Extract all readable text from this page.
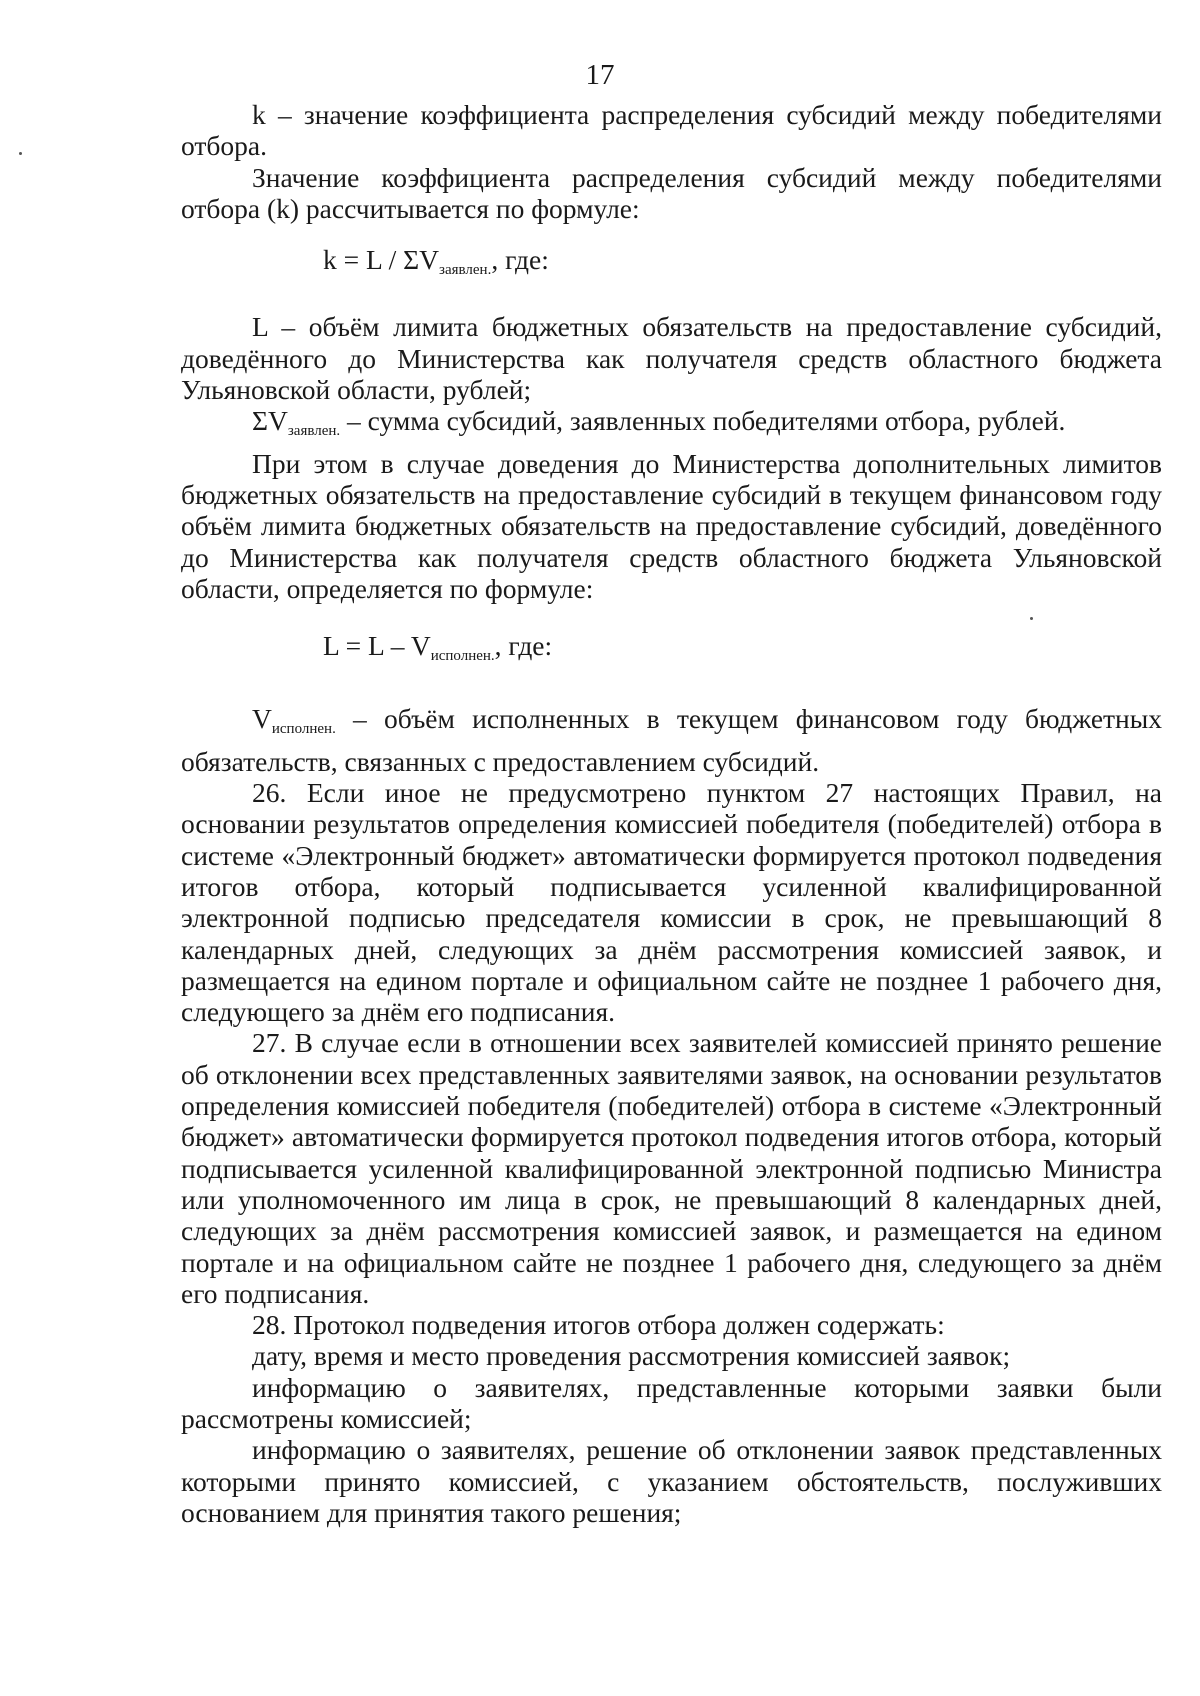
17

k – значение коэффициента распределения субсидий между победителями отбора.

Значение коэффициента распределения субсидий между победителями отбора (k) рассчитывается по формуле:

$k = L / \Sigma V_{заявлен.}$, где:

L – объём лимита бюджетных обязательств на предоставление субсидий, доведённого до Министерства как получателя средств областного бюджета Ульяновской области, рублей;

$\Sigma V_{заявлен.}$ – сумма субсидий, заявленных победителями отбора, рублей.

При этом в случае доведения до Министерства дополнительных лимитов бюджетных обязательств на предоставление субсидий в текущем финансовом году объём лимита бюджетных обязательств на предоставление субсидий, доведённого до Министерства как получателя средств областного бюджета Ульяновской области, определяется по формуле:

$L = L - V_{исполнен.}$, где:

$V_{исполнен.}$ – объём исполненных в текущем финансовом году бюджетных обязательств, связанных с предоставлением субсидий.

26. Если иное не предусмотрено пунктом 27 настоящих Правил, на основании результатов определения комиссией победителя (победителей) отбора в системе «Электронный бюджет» автоматически формируется протокол подведения итогов отбора, который подписывается усиленной квалифицированной электронной подписью председателя комиссии в срок, не превышающий 8 календарных дней, следующих за днём рассмотрения комиссией заявок, и размещается на едином портале и официальном сайте не позднее 1 рабочего дня, следующего за днём его подписания.

27. В случае если в отношении всех заявителей комиссией принято решение об отклонении всех представленных заявителями заявок, на основании результатов определения комиссией победителя (победителей) отбора в системе «Электронный бюджет» автоматически формируется протокол подведения итогов отбора, который подписывается усиленной квалифицированной электронной подписью Министра или уполномоченного им лица в срок, не превышающий 8 календарных дней, следующих за днём рассмотрения комиссией заявок, и размещается на едином портале и на официальном сайте не позднее 1 рабочего дня, следующего за днём его подписания.

28. Протокол подведения итогов отбора должен содержать:

дату, время и место проведения рассмотрения комиссией заявок;

информацию о заявителях, представленные которыми заявки были рассмотрены комиссией;

информацию о заявителях, решение об отклонении заявок представленных которыми принято комиссией, с указанием обстоятельств, послуживших основанием для принятия такого решения;
